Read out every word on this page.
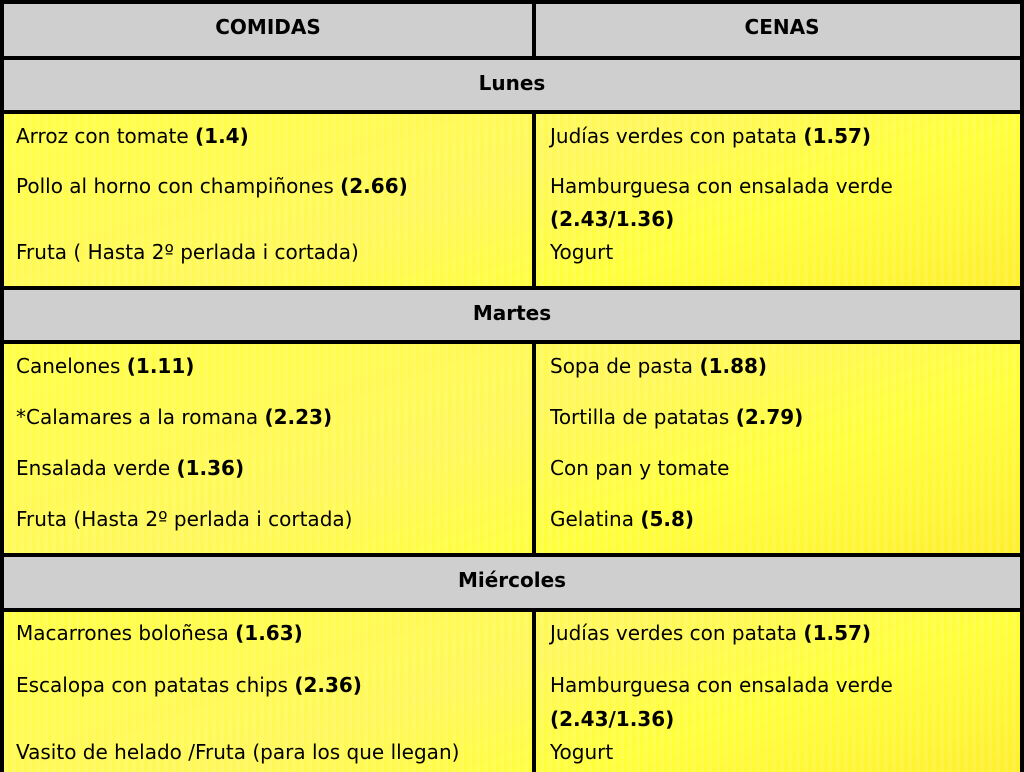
COMIDAS	CENAS
Lunes
Arroz con tomate (1.4)
Pollo al horno con champiñones (2.66)
Fruta ( Hasta 2º perlada i cortada)
Judías verdes con patata (1.57)
Hamburguesa con ensalada verde
(2.43/1.36)
Yogurt
Martes
Canelones (1.11)
*Calamares a la romana (2.23)
Ensalada verde (1.36)
Fruta (Hasta 2º perlada i cortada)
Sopa de pasta (1.88)
Tortilla de patatas (2.79)
Con pan y tomate
Gelatina (5.8)
Miércoles
Macarrones boloñesa (1.63)
Escalopa con patatas chips (2.36)
Vasito de helado /Fruta (para los que llegan)
Judías verdes con patata (1.57)
Hamburguesa con ensalada verde
(2.43/1.36)
Yogurt
